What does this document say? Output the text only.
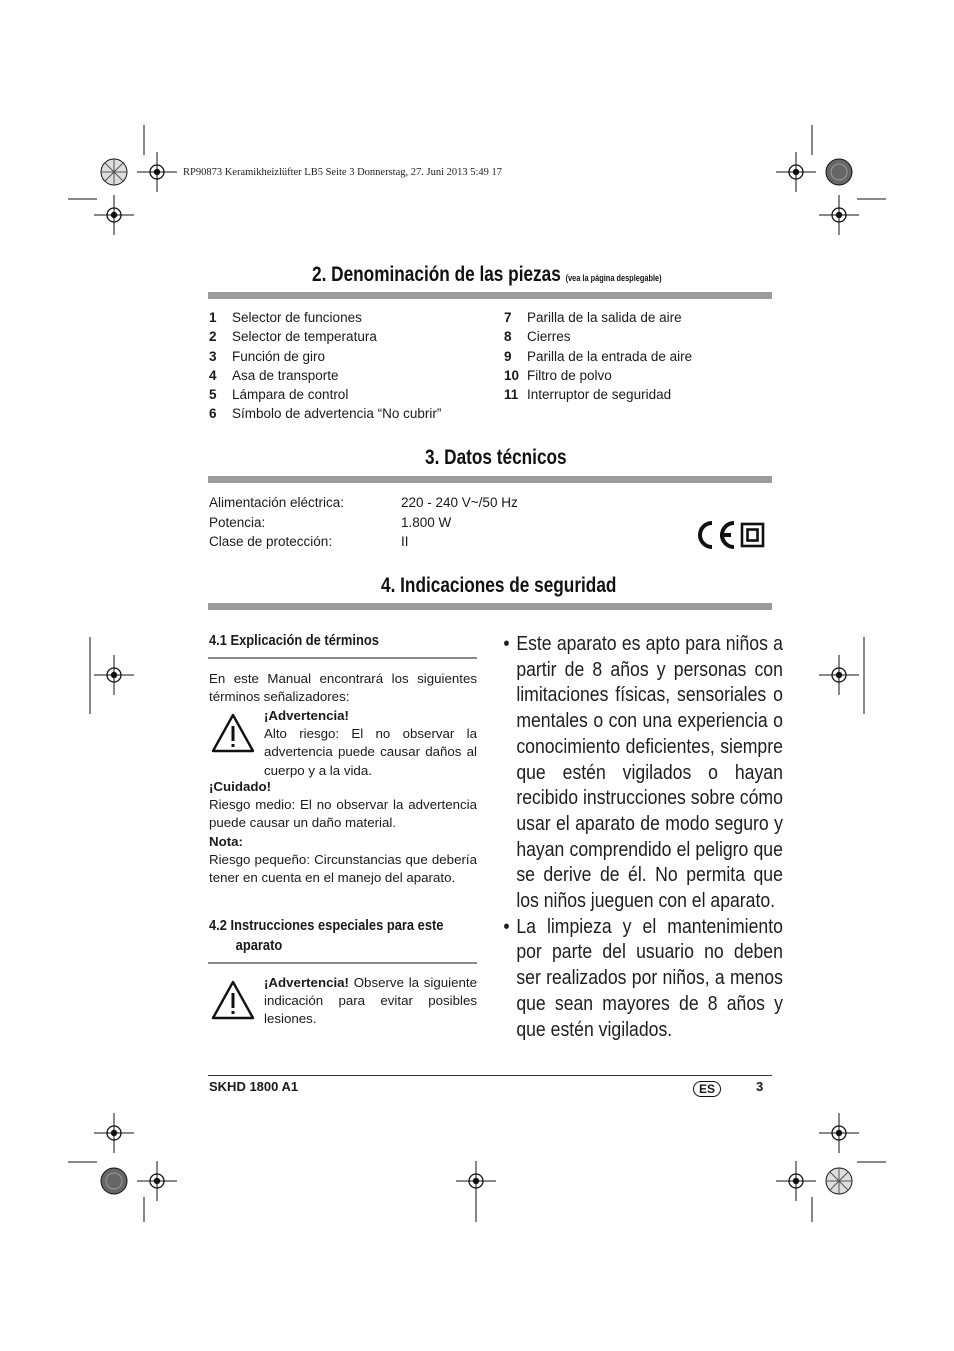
RP90873 Keramikheizlüfter LB5 Seite 3 Donnerstag, 27. Juni 2013 5:49 17
2. Denominación de las piezas (vea la página desplegable)
1	Selector de funciones
2	Selector de temperatura
3	Función de giro
4	Asa de transporte
5	Lámpara de control
6	Símbolo de advertencia “No cubrir”
7	Parilla de la salida de aire
8	Cierres
9	Parilla de la entrada de aire
10 Filtro de polvo
11 Interruptor de seguridad
3. Datos técnicos
Alimentación eléctrica:	220 - 240 V~/50 Hz
Potencia:	1.800 W
Clase de protección:	II
4. Indicaciones de seguridad
4.1 Explicación de términos
En este Manual encontrará los siguientes términos señalizadores:
¡Advertencia!
Alto riesgo: El no observar la advertencia puede causar daños al cuerpo y a la vida.
¡Cuidado!
Riesgo medio: El no observar la advertencia puede causar un daño material.
Nota:
Riesgo pequeño: Circunstancias que debería tener en cuenta en el manejo del aparato.
4.2 Instrucciones especiales para este
aparato
¡Advertencia! Observe la siguiente indicación para evitar posibles lesiones.
• Este aparato es apto para niños a partir de 8 años y personas con limitaciones físicas, sensoriales o mentales o con una experiencia o conocimiento deficientes, siempre que estén vigilados o hayan recibido instrucciones sobre cómo usar el aparato de modo seguro y hayan comprendido el peligro que se derive de él. No permita que los niños jueguen con el aparato.
• La limpieza y el mantenimiento por parte del usuario no deben ser realizados por niños, a menos que sean mayores de 8 años y que estén vigilados.
SKHD 1800 A1	ES	3
